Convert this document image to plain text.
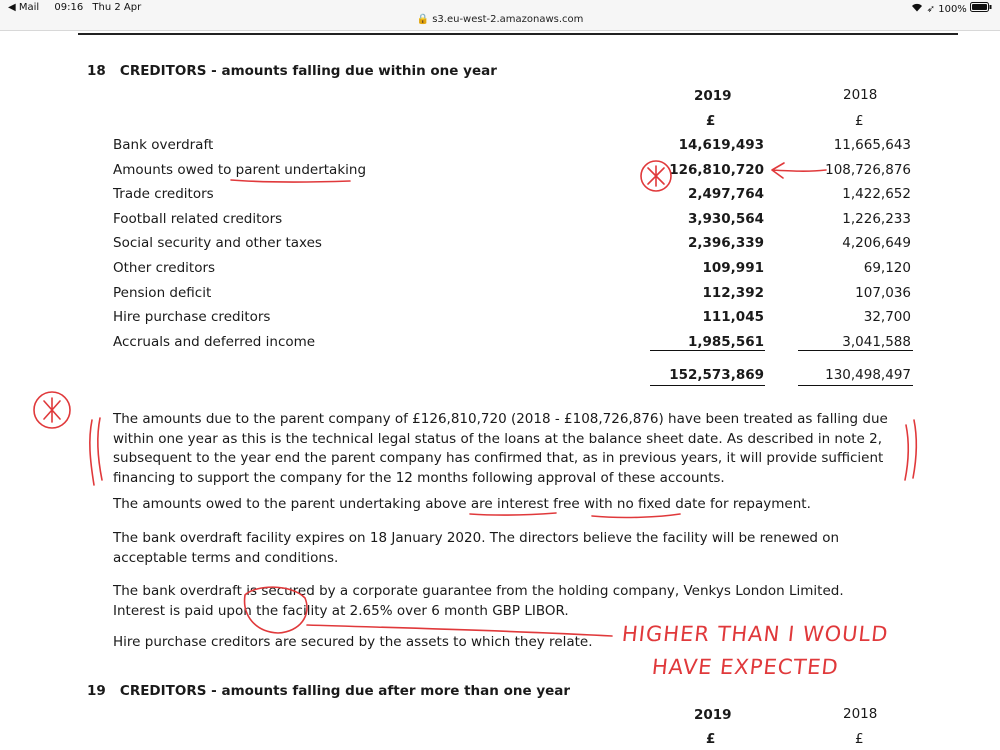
◀ Mail 09:16 Thu 2 Apr	➶ 100%
🔒 s3.eu-west-2.amazonaws.com
18 CREDITORS - amounts falling due within one year
2019	2018
£	£
Bank overdraft	14,619,493	11,665,643
Amounts owed to parent undertaking	126,810,720	108,726,876
Trade creditors	2,497,764	1,422,652
Football related creditors	3,930,564	1,226,233
Social security and other taxes	2,396,339	4,206,649
Other creditors	109,991	69,120
Pension deficit	112,392	107,036
Hire purchase creditors	111,045	32,700
Accruals and deferred income	1,985,561	3,041,588
152,573,869	130,498,497
The amounts due to the parent company of £126,810,720 (2018 - £108,726,876) have been treated as falling due within one year as this is the technical legal status of the loans at the balance sheet date. As described in note 2, subsequent to the year end the parent company has confirmed that, as in previous years, it will provide sufficient financing to support the company for the 12 months following approval of these accounts.
The amounts owed to the parent undertaking above are interest free with no fixed date for repayment.
The bank overdraft facility expires on 18 January 2020. The directors believe the facility will be renewed on acceptable terms and conditions.
The bank overdraft is secured by a corporate guarantee from the holding company, Venkys London Limited. Interest is paid upon the facility at 2.65% over 6 month GBP LIBOR.
Hire purchase creditors are secured by the assets to which they relate.
19 CREDITORS - amounts falling due after more than one year
2019	2018
£	£
HIGHER THAN I WOULD
HAVE EXPECTED
